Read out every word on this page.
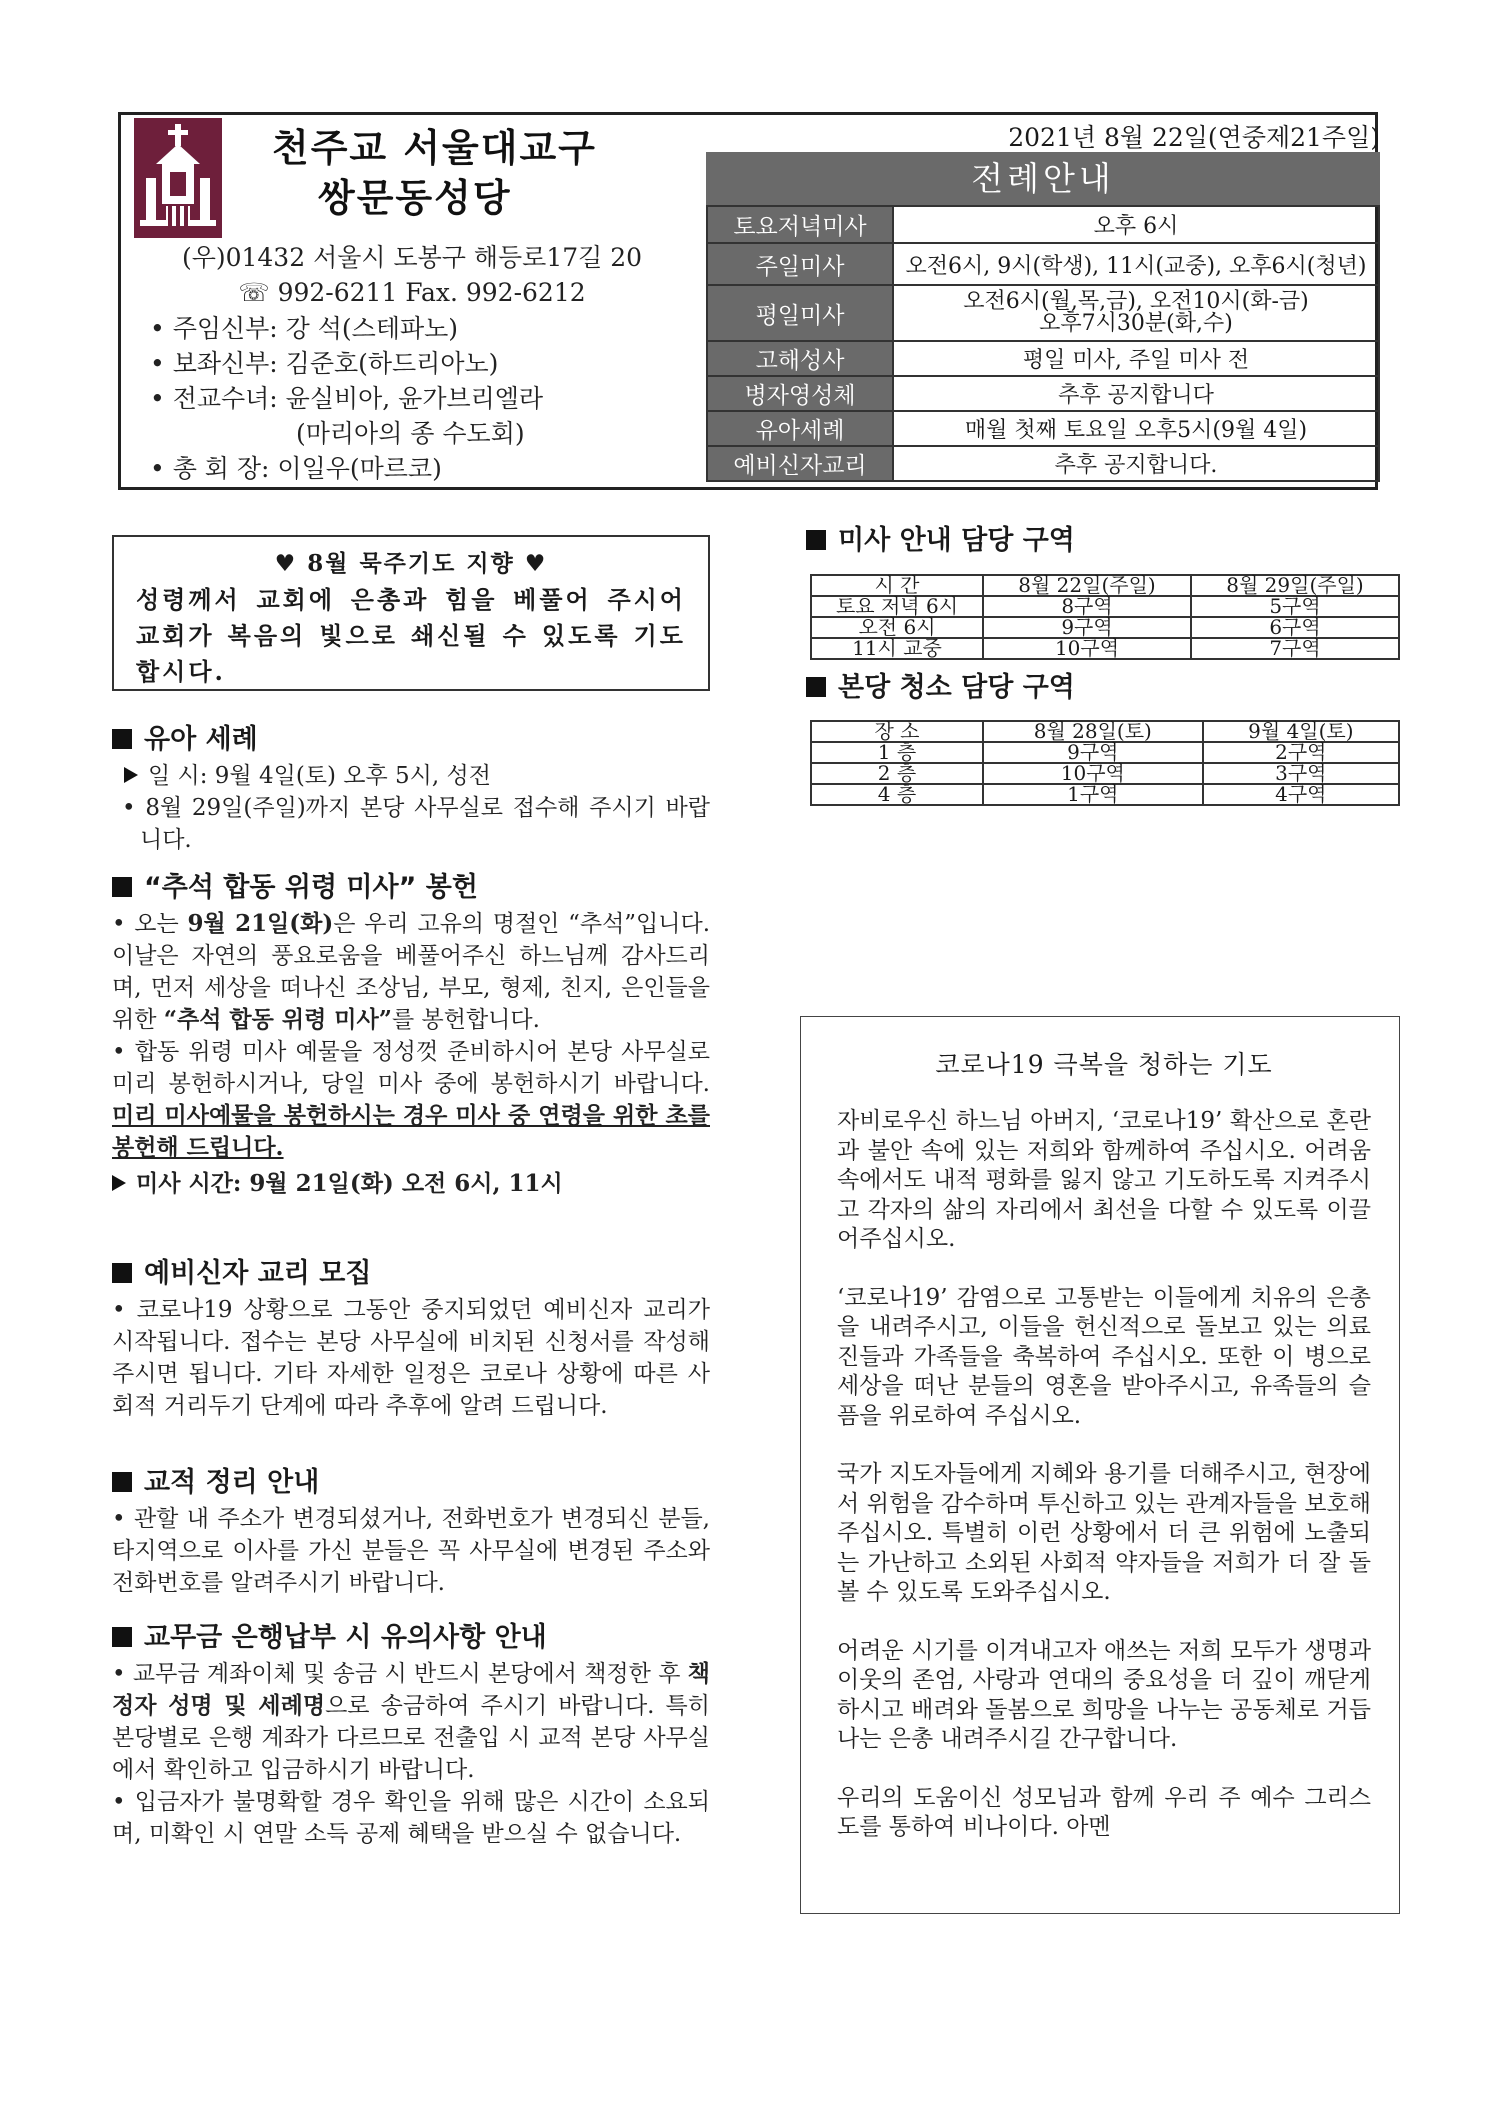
천주교 서울대교구
쌍문동성당
(우)01432 서울시 도봉구 해등로17길 20
☏ 992-6211 Fax. 992-6212
• 주임신부: 강 석(스테파노)
• 보좌신부: 김준호(하드리아노)
• 전교수녀: 윤실비아, 윤가브리엘라
(마리아의 종 수도회)
• 총 회 장: 이일우(마르코)
2021년 8월 22일(연중제21주일)
전례안내
토요저녁미사	오후 6시
주일미사	오전6시, 9시(학생), 11시(교중), 오후6시(청년)
평일미사	오전6시(월,목,금), 오전10시(화-금)
오후7시30분(화,수)

고해성사	평일 미사, 주일 미사 전
병자영성체	추후 공지합니다
유아세례	매월 첫째 토요일 오후5시(9월 4일)
예비신자교리	추후 공지합니다.
♥ 8월 묵주기도 지향 ♥
성령께서 교회에 은총과 힘을 베풀어 주시어 교회가 복음의 빛으로 쇄신될 수 있도록 기도합시다.
유아 세례
일 시: 9월 4일(토) 오후 5시, 성전
• 8월 29일(주일)까지 본당 사무실로 접수해 주시기 바랍니다.
“추석 합동 위령 미사” 봉헌
• 오는 9월 21일(화)은 우리 고유의 명절인 “추석”입니다. 이날은 자연의 풍요로움을 베풀어주신 하느님께 감사드리며, 먼저 세상을 떠나신 조상님, 부모, 형제, 친지, 은인들을 위한 “추석 합동 위령 미사”를 봉헌합니다.
• 합동 위령 미사 예물을 정성껏 준비하시어 본당 사무실로 미리 봉헌하시거나, 당일 미사 중에 봉헌하시기 바랍니다. 미리 미사예물을 봉헌하시는 경우 미사 중 연령을 위한 초를 봉헌해 드립니다.
미사 시간: 9월 21일(화) 오전 6시, 11시
예비신자 교리 모집
• 코로나19 상황으로 그동안 중지되었던 예비신자 교리가 시작됩니다. 접수는 본당 사무실에 비치된 신청서를 작성해 주시면 됩니다. 기타 자세한 일정은 코로나 상황에 따른 사회적 거리두기 단계에 따라 추후에 알려 드립니다.
교적 정리 안내
• 관할 내 주소가 변경되셨거나, 전화번호가 변경되신 분들, 타지역으로 이사를 가신 분들은 꼭 사무실에 변경된 주소와 전화번호를 알려주시기 바랍니다.
교무금 은행납부 시 유의사항 안내
• 교무금 계좌이체 및 송금 시 반드시 본당에서 책정한 후 책정자 성명 및 세례명으로 송금하여 주시기 바랍니다. 특히 본당별로 은행 계좌가 다르므로 전출입 시 교적 본당 사무실에서 확인하고 입금하시기 바랍니다.
• 입금자가 불명확할 경우 확인을 위해 많은 시간이 소요되며, 미확인 시 연말 소득 공제 혜택을 받으실 수 없습니다.
미사 안내 담당 구역
시 간	8월 22일(주일)	8월 29일(주일)
토요 저녁 6시	8구역	5구역
오전 6시	9구역	6구역
11시 교중	10구역	7구역
본당 청소 담당 구역
장 소	8월 28일(토)	9월 4일(토)
1 층	9구역	2구역
2 층	10구역	3구역
4 층	1구역	4구역
코로나19 극복을 청하는 기도

자비로우신 하느님 아버지, ‘코로나19’ 확산으로 혼란과 불안 속에 있는 저희와 함께하여 주십시오. 어려움 속에서도 내적 평화를 잃지 않고 기도하도록 지켜주시고 각자의 삶의 자리에서 최선을 다할 수 있도록 이끌어주십시오.

‘코로나19’ 감염으로 고통받는 이들에게 치유의 은총을 내려주시고, 이들을 헌신적으로 돌보고 있는 의료진들과 가족들을 축복하여 주십시오. 또한 이 병으로 세상을 떠난 분들의 영혼을 받아주시고, 유족들의 슬픔을 위로하여 주십시오.

국가 지도자들에게 지혜와 용기를 더해주시고, 현장에서 위험을 감수하며 투신하고 있는 관계자들을 보호해주십시오. 특별히 이런 상황에서 더 큰 위험에 노출되는 가난하고 소외된 사회적 약자들을 저희가 더 잘 돌볼 수 있도록 도와주십시오.

어려운 시기를 이겨내고자 애쓰는 저희 모두가 생명과 이웃의 존엄, 사랑과 연대의 중요성을 더 깊이 깨닫게 하시고 배려와 돌봄으로 희망을 나누는 공동체로 거듭나는 은총 내려주시길 간구합니다.

우리의 도움이신 성모님과 함께 우리 주 예수 그리스도를 통하여 비나이다. 아멘
